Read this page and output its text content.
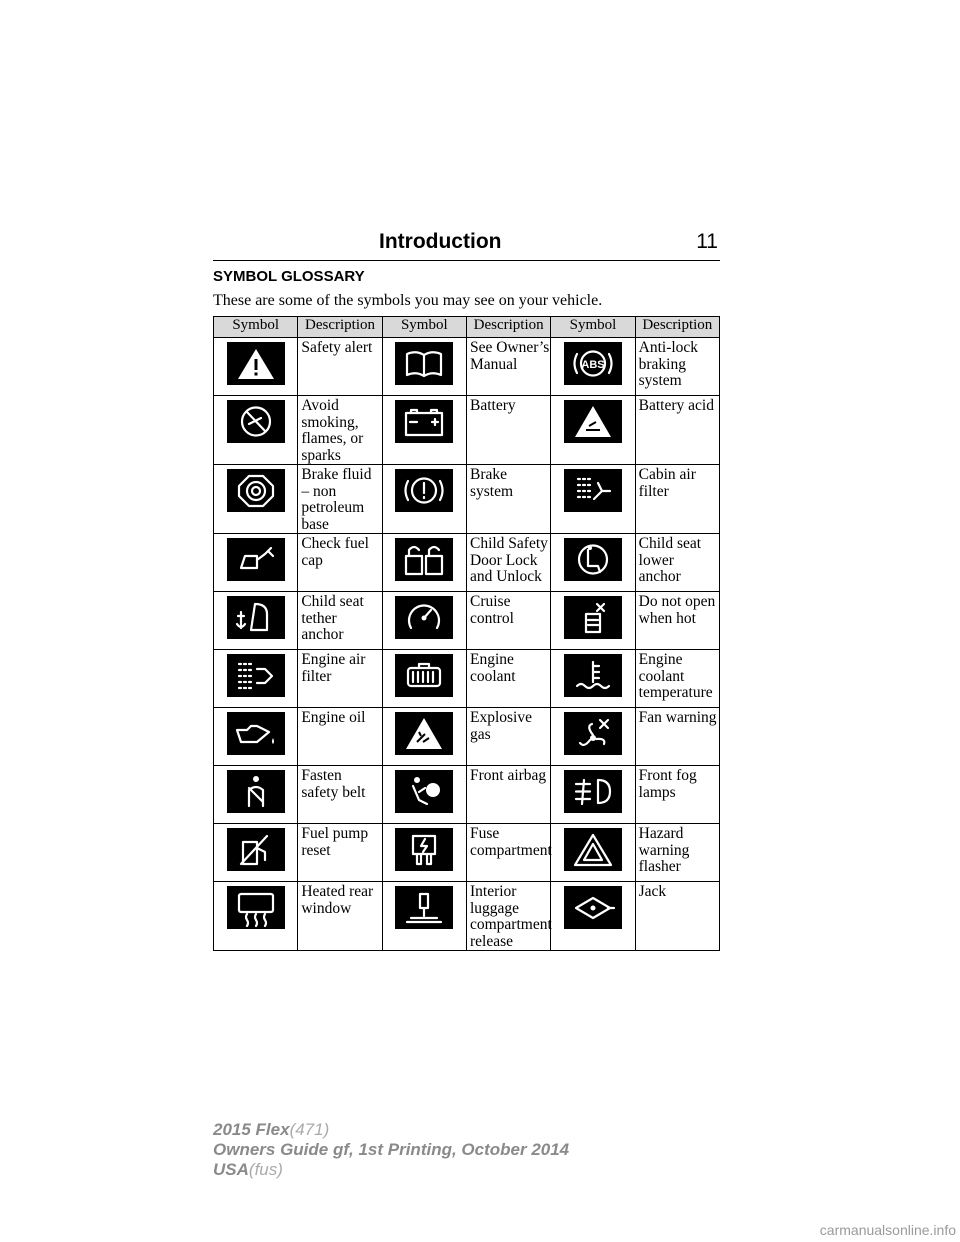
Introduction	11
SYMBOL GLOSSARY
These are some of the symbols you may see on your vehicle.
Symbol	Description	Symbol	Description	Symbol	Description

	Safety alert		See Owner’s Manual	ABS	Anti-lock braking system

	Avoid smoking, flames, or sparks		Battery		Battery acid

	Brake fluid – non petroleum base		Brake system		Cabin air filter

	Check fuel cap		Child Safety Door Lock and Unlock		Child seat lower anchor

	Child seat tether anchor		Cruise control		Do not open when hot

	Engine air filter		Engine coolant		Engine coolant temperature

	Engine oil		Explosive gas		Fan warning

	Fasten safety belt		Front airbag		Front fog lamps

	Fuel pump reset		Fuse compartment		Hazard warning flasher

	Heated rear window		Interior luggage compartment release		Jack
2015 Flex(471)
Owners Guide gf, 1st Printing, October 2014
USA(fus)
carmanualsonline.info
